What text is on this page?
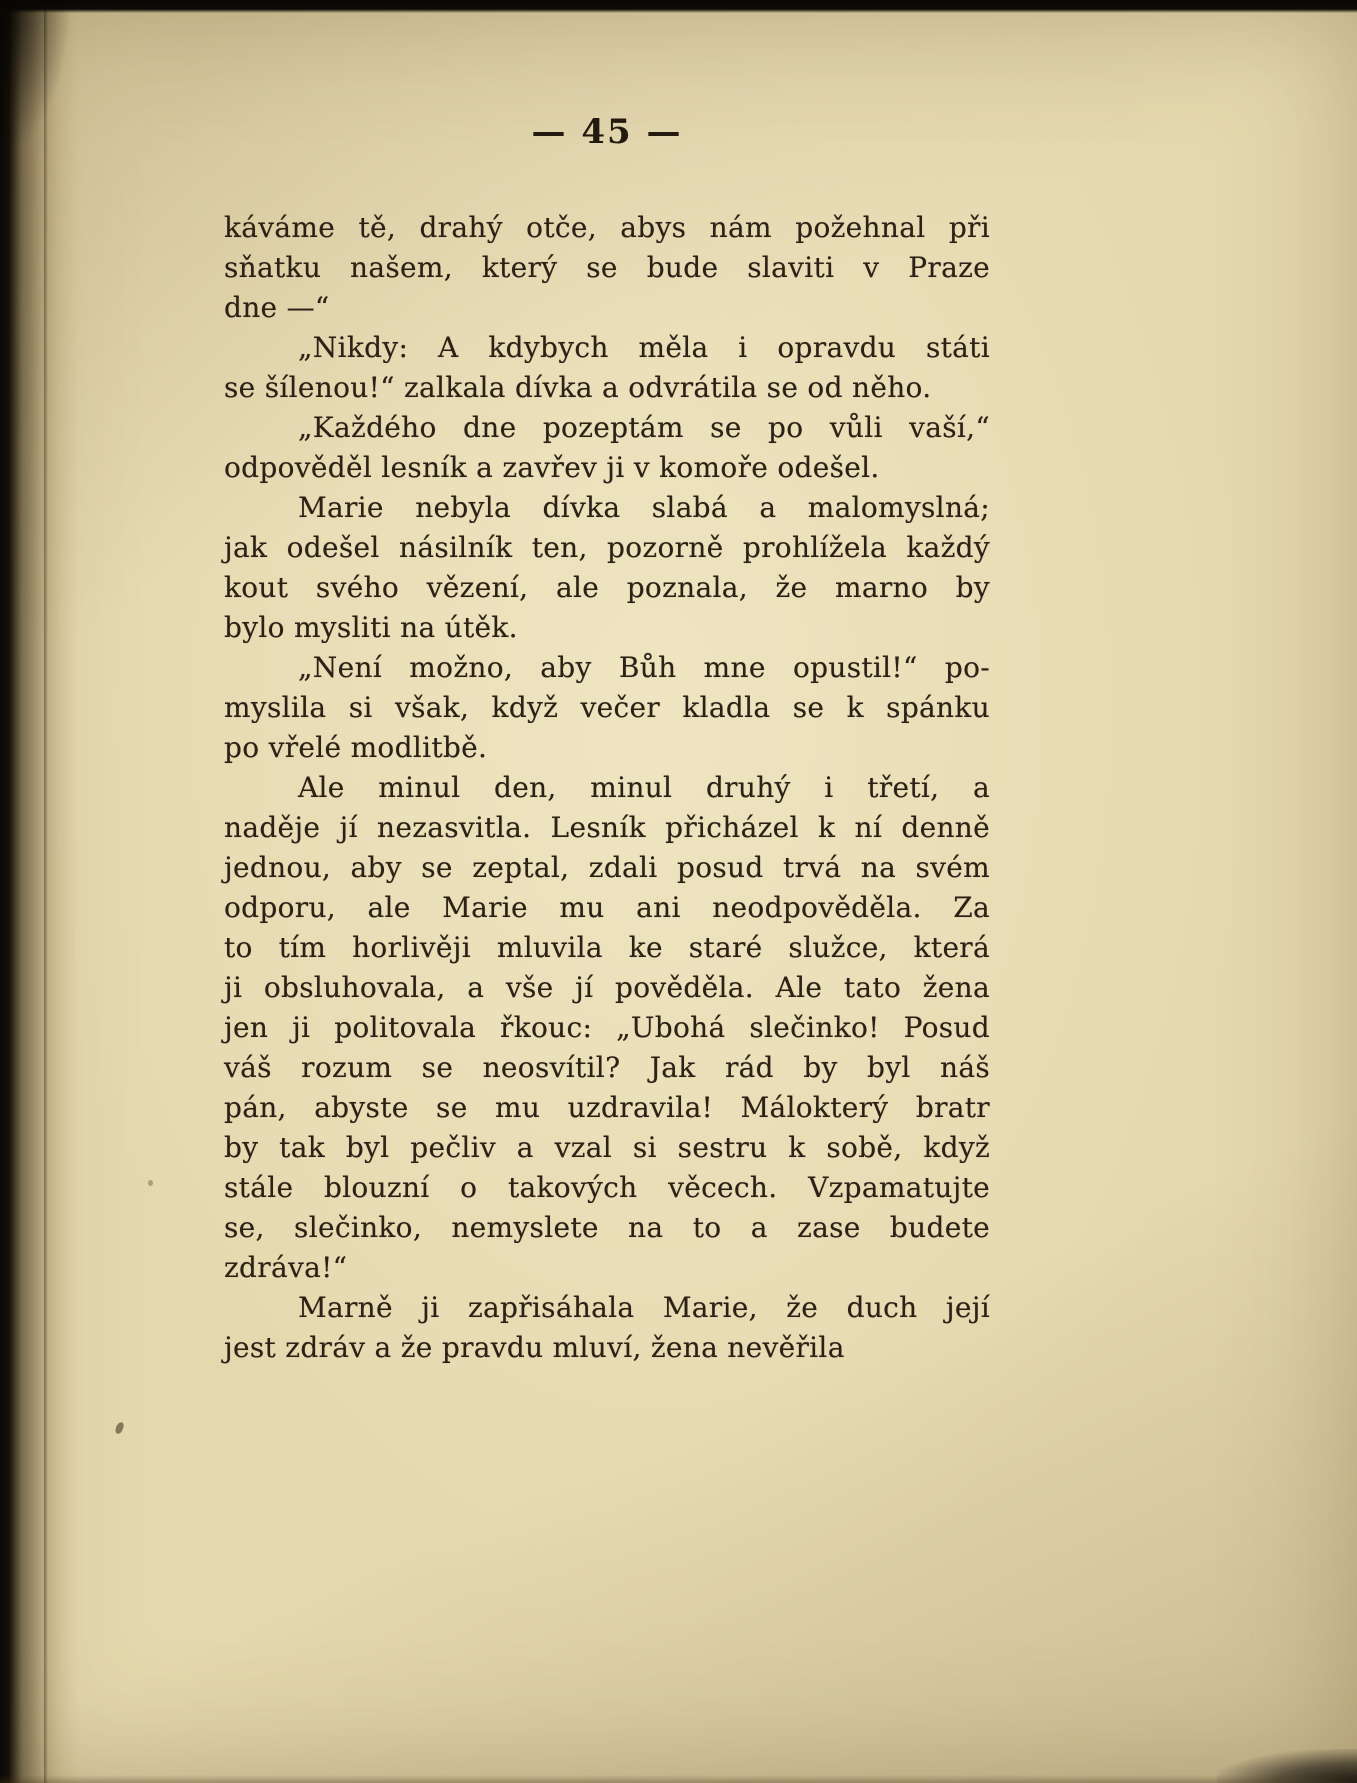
— 45 —

káváme tě, drahý otče, abys nám požehnal při
sňatku našem, který se bude slaviti v Praze
dne —“

„Nikdy: A kdybych měla i opravdu státi
se šílenou!“ zalkala dívka a odvrátila se od něho.

„Každého dne pozeptám se po vůli vaší,“
odpověděl lesník a zavřev ji v komoře odešel.

Marie nebyla dívka slabá a malomyslná;
jak odešel násilník ten, pozorně prohlížela každý
kout svého vězení, ale poznala, že marno by
bylo mysliti na útěk.

„Není možno, aby Bůh mne opustil!“ po-
myslila si však, když večer kladla se k spánku
po vřelé modlitbě.

Ale minul den, minul druhý i třetí, a
naděje jí nezasvitla. Lesník přicházel k ní denně
jednou, aby se zeptal, zdali posud trvá na svém
odporu, ale Marie mu ani neodpověděla. Za
to tím horlivěji mluvila ke staré služce, která
ji obsluhovala, a vše jí pověděla. Ale tato žena
jen ji politovala řkouc: „Ubohá slečinko! Posud
váš rozum se neosvítil? Jak rád by byl náš
pán, abyste se mu uzdravila! Málokterý bratr
by tak byl pečliv a vzal si sestru k sobě, když
stále blouzní o takových věcech. Vzpamatujte
se, slečinko, nemyslete na to a zase budete
zdráva!“

Marně ji zapřisáhala Marie, že duch její
jest zdráv a že pravdu mluví, žena nevěřila
